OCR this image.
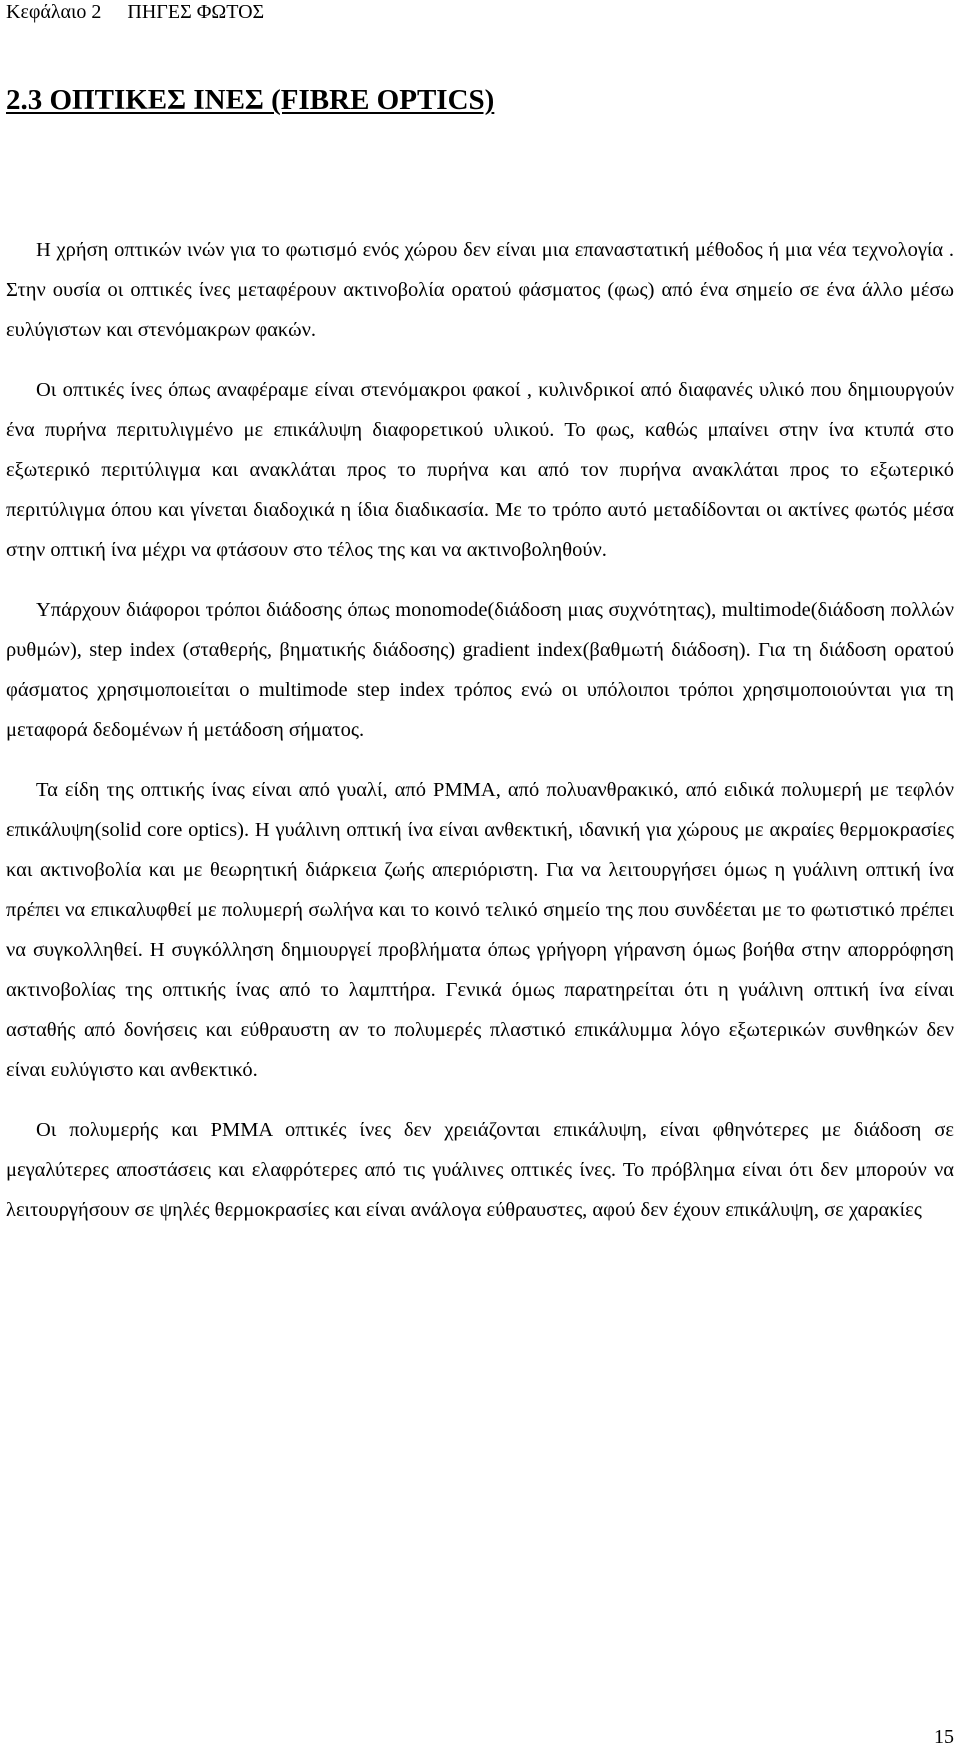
Κεφάλαιο 2 ΠΗΓΕΣ ΦΩΤΟΣ
2.3 ΟΠΤΙΚΕΣ ΙΝΕΣ (FIBRE OPTICS)

Η χρήση οπτικών ινών για το φωτισμό ενός χώρου δεν είναι μια επαναστατική μέθοδος ή μια νέα τεχνολογία . Στην ουσία οι οπτικές ίνες μεταφέρουν ακτινοβολία ορατού φάσματος (φως) από ένα σημείο σε ένα άλλο μέσω ευλύγιστων και στενόμακρων φακών.

Οι οπτικές ίνες όπως αναφέραμε είναι στενόμακροι φακοί , κυλινδρικοί από διαφανές υλικό που δημιουργούν ένα πυρήνα περιτυλιγμένο με επικάλυψη διαφορετικού υλικού. Το φως, καθώς μπαίνει στην ίνα κτυπά στο εξωτερικό περιτύλιγμα και ανακλάται προς το πυρήνα και από τον πυρήνα ανακλάται προς το εξωτερικό περιτύλιγμα όπου και γίνεται διαδοχικά η ίδια διαδικασία. Με το τρόπο αυτό μεταδίδονται οι ακτίνες φωτός μέσα στην οπτική ίνα μέχρι να φτάσουν στο τέλος της και να ακτινοβοληθούν.

Υπάρχουν διάφοροι τρόποι διάδοσης όπως monomode(διάδοση μιας συχνότητας), multimode(διάδοση πολλών ρυθμών), step index (σταθερής, βηματικής διάδοσης) gradient index(βαθμωτή διάδοση). Για τη διάδοση ορατού φάσματος χρησιμοποιείται ο multimode step index τρόπος ενώ οι υπόλοιποι τρόποι χρησιμοποιούνται για τη μεταφορά δεδομένων ή μετάδοση σήματος.

Τα είδη της οπτικής ίνας είναι από γυαλί, από PMMA, από πολυανθρακικό, από ειδικά πολυμερή με τεφλόν επικάλυψη(solid core optics). Η γυάλινη οπτική ίνα είναι ανθεκτική, ιδανική για χώρους με ακραίες θερμοκρασίες και ακτινοβολία και με θεωρητική διάρκεια ζωής απεριόριστη. Για να λειτουργήσει όμως η γυάλινη οπτική ίνα πρέπει να επικαλυφθεί με πολυμερή σωλήνα και το κοινό τελικό σημείο της που συνδέεται με το φωτιστικό πρέπει να συγκολληθεί. Η συγκόλληση δημιουργεί προβλήματα όπως γρήγορη γήρανση όμως βοήθα στην απορρόφηση ακτινοβολίας της οπτικής ίνας από το λαμπτήρα. Γενικά όμως παρατηρείται ότι η γυάλινη οπτική ίνα είναι ασταθής από δονήσεις και εύθραυστη αν το πολυμερές πλαστικό επικάλυμμα λόγο εξωτερικών συνθηκών δεν είναι ευλύγιστο και ανθεκτικό.

Οι πολυμερής και PMMA οπτικές ίνες δεν χρειάζονται επικάλυψη, είναι φθηνότερες με διάδοση σε μεγαλύτερες αποστάσεις και ελαφρότερες από τις γυάλινες οπτικές ίνες. Το πρόβλημα είναι ότι δεν μπορούν να λειτουργήσουν σε ψηλές θερμοκρασίες και είναι ανάλογα εύθραυστες, αφού δεν έχουν επικάλυψη, σε χαρακίες

15
